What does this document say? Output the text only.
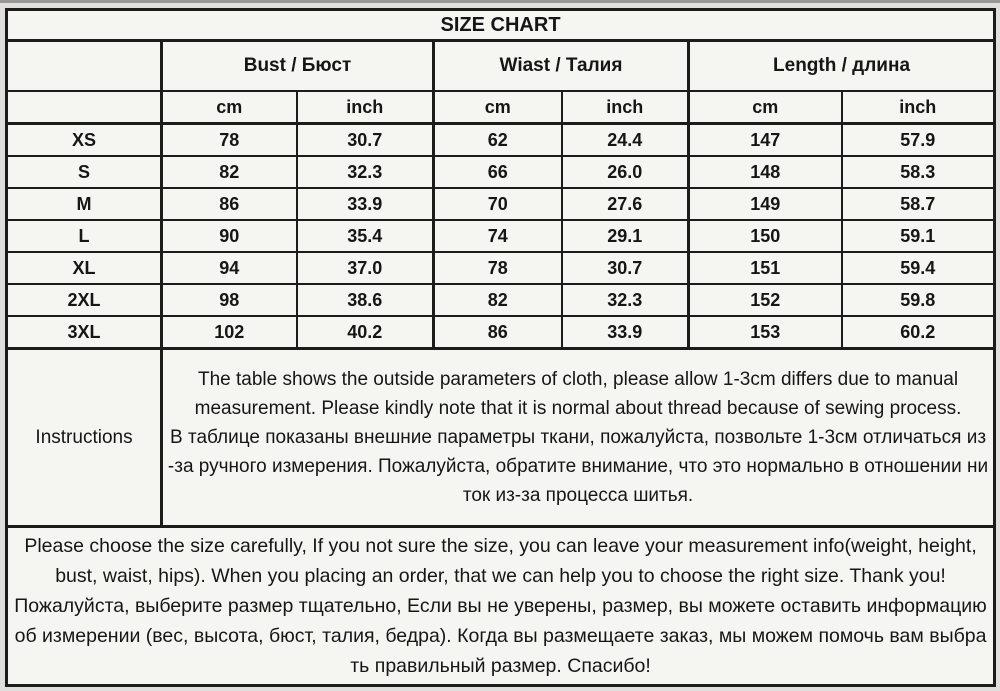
SIZE CHART						
	Bust / Бюст		Wiast / Талия		Length / длина	
	cm	inch	cm	inch	cm	inch
XS	78	30.7	62	24.4	147	57.9
S	82	32.3	66	26.0	148	58.3
M	86	33.9	70	27.6	149	58.7
L	90	35.4	74	29.1	150	59.1
XL	94	37.0	78	30.7	151	59.4
2XL	98	38.6	82	32.3	152	59.8
3XL	102	40.2	86	33.9	153	60.2
Instructions	The table shows the outside parameters of cloth, please allow 1-3cm differs due to manual measurement. Please kindly note that it is normal about thread because of sewing process.

В таблице показаны внешние параметры ткани, пожалуйста, позвольте 1-3см отличаться из-за ручного измерения. Пожалуйста, обратите внимание, что это нормально в отношении ниток из-за процесса шитья.					

Please choose the size carefully, If you not sure the size, you can leave your measurement info(weight, height, bust, waist, hips). When you placing an order, that we can help you to choose the right size. Thank you!

Пожалуйста, выберите размер тщательно, Если вы не уверены, размер, вы можете оставить информацию об измерении (вес, высота, бюст, талия, бедра). Когда вы размещаете заказ, мы можем помочь вам выбрать правильный размер. Спасибо!						
